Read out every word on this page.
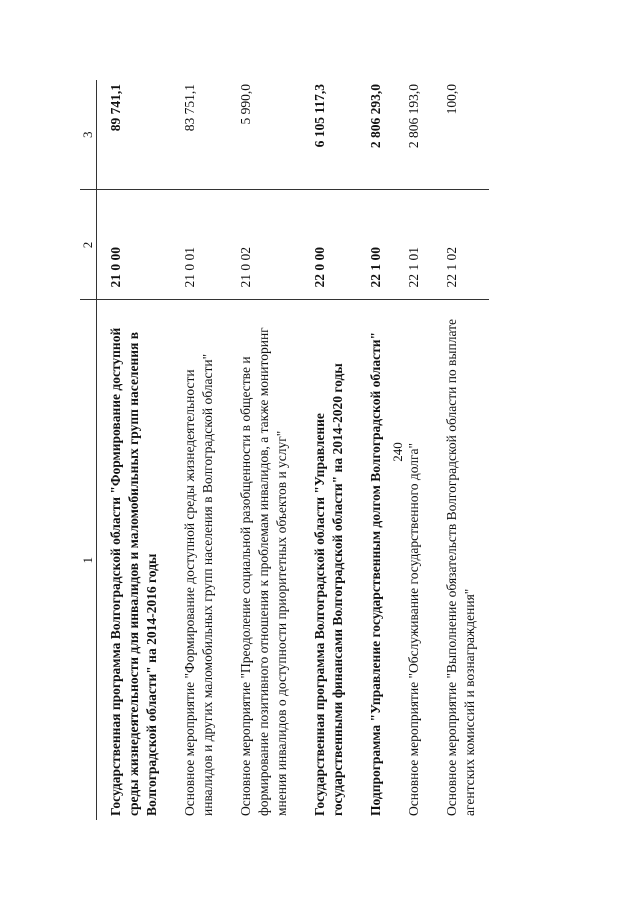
240
1	2	3
Государственная программа Волгоградской области "Формирование доступной среды жизнедеятельности для инвалидов и маломобильных групп населения в Волгоградской области" на 2014-2016 годы	21 0 00	89 741,1
Основное мероприятие "Формирование доступной среды жизнедеятельности инвалидов и других маломобильных групп населения в Волгоградской области"	21 0 01	83 751,1
Основное мероприятие "Преодоление социальной разобщенности в обществе и формирование позитивного отношения к проблемам инвалидов, а также мониторинг мнения инвалидов о доступности приоритетных объектов и услуг"	21 0 02	5 990,0
Государственная программа Волгоградской области "Управление государственными финансами Волгоградской области" на 2014-2020 годы	22 0 00	6 105 117,3
Подпрограмма "Управление государственным долгом Волгоградской области"	22 1 00	2 806 293,0
Основное мероприятие "Обслуживание государственного долга"	22 1 01	2 806 193,0
Основное мероприятие "Выполнение обязательств Волгоградской области по выплате агентских комиссий и вознаграждения"	22 1 02	100,0
